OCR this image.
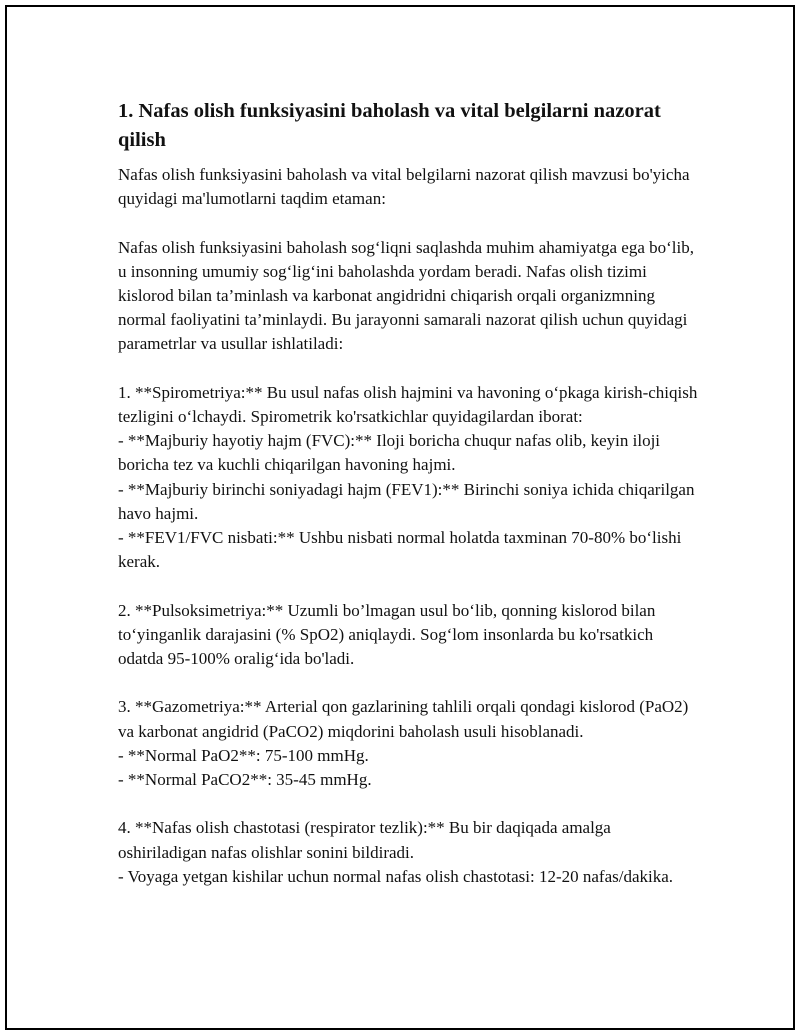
1. Nafas olish funksiyasini baholash va vital belgilarni nazorat qilish

Nafas olish funksiyasini baholash va vital belgilarni nazorat qilish mavzusi bo'yicha quyidagi ma'lumotlarni taqdim etaman:

Nafas olish funksiyasini baholash sog‘liqni saqlashda muhim ahamiyatga ega bo‘lib, u insonning umumiy sog‘lig‘ini baholashda yordam beradi. Nafas olish tizimi kislorod bilan ta’minlash va karbonat angidridni chiqarish orqali organizmning normal faoliyatini ta’minlaydi. Bu jarayonni samarali nazorat qilish uchun quyidagi parametrlar va usullar ishlatiladi:

1. **Spirometriya:** Bu usul nafas olish hajmini va havoning o‘pkaga kirish-chiqish tezligini o‘lchaydi. Spirometrik ko'rsatkichlar quyidagilardan iborat:
- **Majburiy hayotiy hajm (FVC):** Iloji boricha chuqur nafas olib, keyin iloji boricha tez va kuchli chiqarilgan havoning hajmi.
- **Majburiy birinchi soniyadagi hajm (FEV1):** Birinchi soniya ichida chiqarilgan havo hajmi.
- **FEV1/FVC nisbati:** Ushbu nisbati normal holatda taxminan 70-80% bo‘lishi kerak.

2. **Pulsoksimetriya:** Uzumli bo’lmagan usul bo‘lib, qonning kislorod bilan to‘yinganlik darajasini (% SpO2) aniqlaydi. Sog‘lom insonlarda bu ko'rsatkich odatda 95-100% oralig‘ida bo'ladi.

3. **Gazometriya:** Arterial qon gazlarining tahlili orqali qondagi kislorod (PaO2) va karbonat angidrid (PaCO2) miqdorini baholash usuli hisoblanadi.
- **Normal PaO2**: 75-100 mmHg.
- **Normal PaCO2**: 35-45 mmHg.

4. **Nafas olish chastotasi (respirator tezlik):** Bu bir daqiqada amalga oshiriladigan nafas olishlar sonini bildiradi.
- Voyaga yetgan kishilar uchun normal nafas olish chastotasi: 12-20 nafas/dakika.
